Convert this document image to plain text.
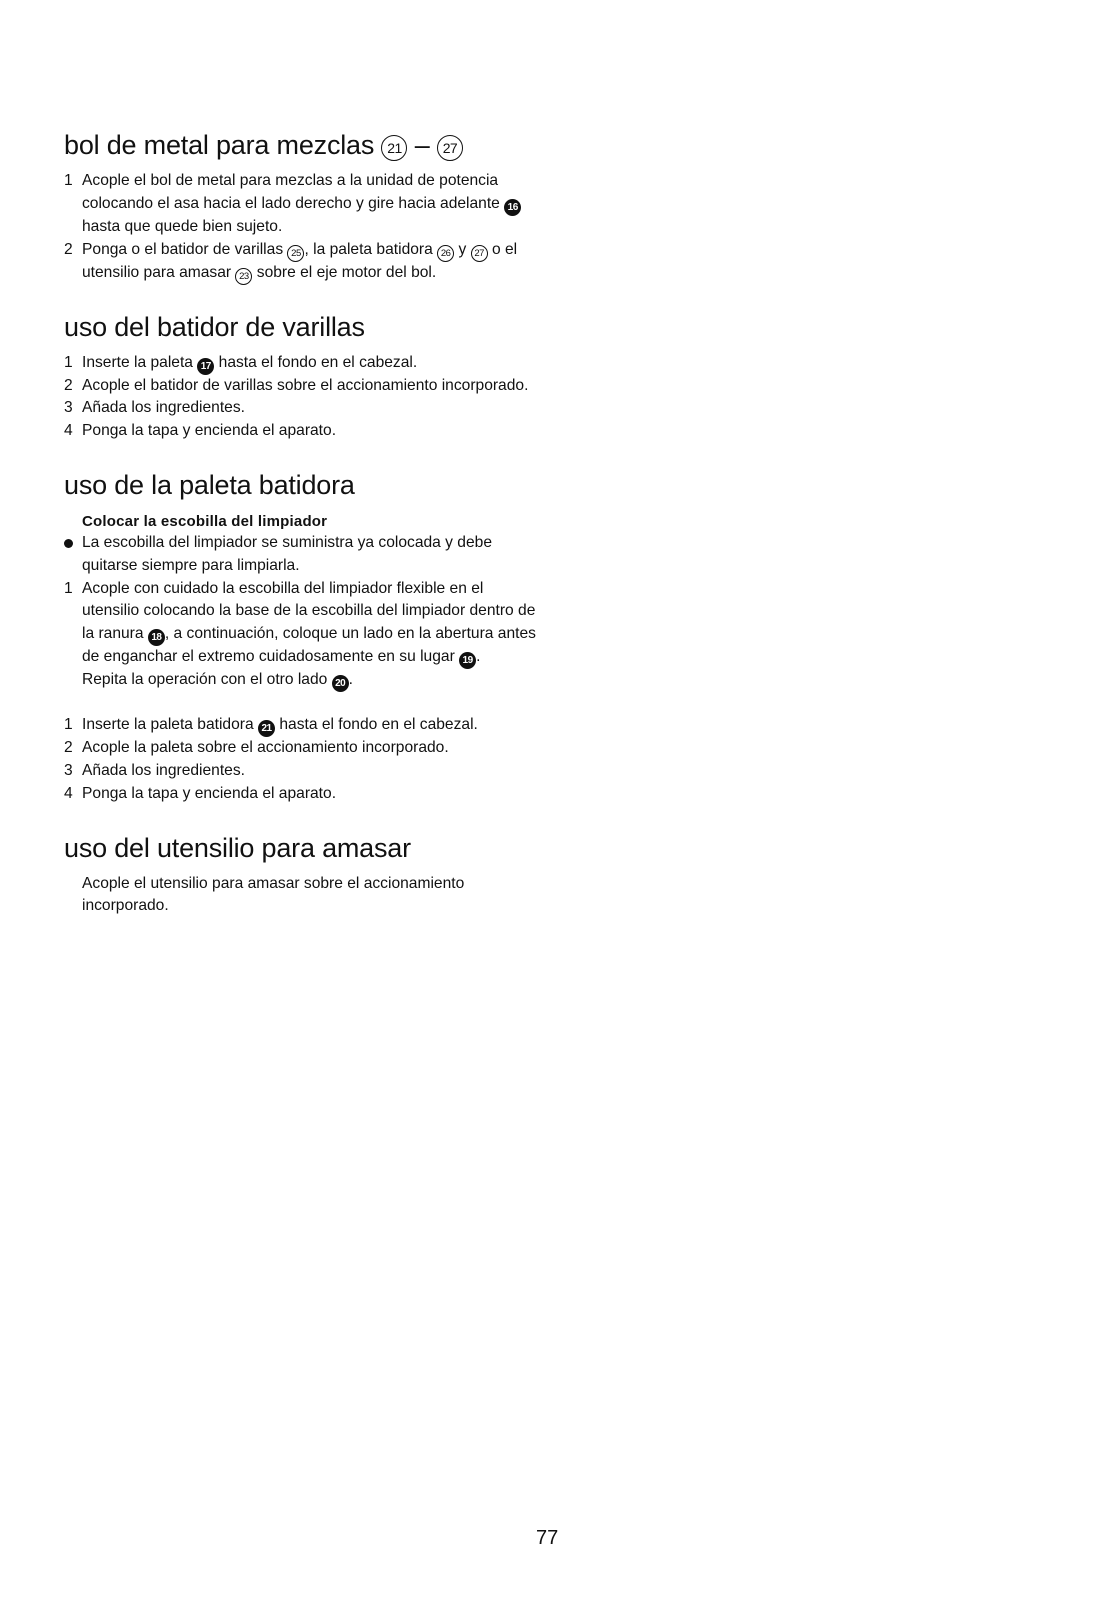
bol de metal para mezclas 21 – 27
1 Acople el bol de metal para mezclas a la unidad de potencia colocando el asa hacia el lado derecho y gire hacia adelante 16 hasta que quede bien sujeto.
2 Ponga o el batidor de varillas 25 , la paleta batidora 26 y 27 o el utensilio para amasar 23 sobre el eje motor del bol.
uso del batidor de varillas
1 Inserte la paleta 17 hasta el fondo en el cabezal.
2 Acople el batidor de varillas sobre el accionamiento incorporado.
3 Añada los ingredientes.
4 Ponga la tapa y encienda el aparato.
uso de la paleta batidora
Colocar la escobilla del limpiador
La escobilla del limpiador se suministra ya colocada y debe quitarse siempre para limpiarla.
1 Acople con cuidado la escobilla del limpiador flexible en el utensilio colocando la base de la escobilla del limpiador dentro de la ranura 18 , a continuación, coloque un lado en la abertura antes de enganchar el extremo cuidadosamente en su lugar 19 .
Repita la operación con el otro lado 20 .
1 Inserte la paleta batidora 21 hasta el fondo en el cabezal.
2 Acople la paleta sobre el accionamiento incorporado.
3 Añada los ingredientes.
4 Ponga la tapa y encienda el aparato.
uso del utensilio para amasar
Acople el utensilio para amasar sobre el accionamiento incorporado.
77
